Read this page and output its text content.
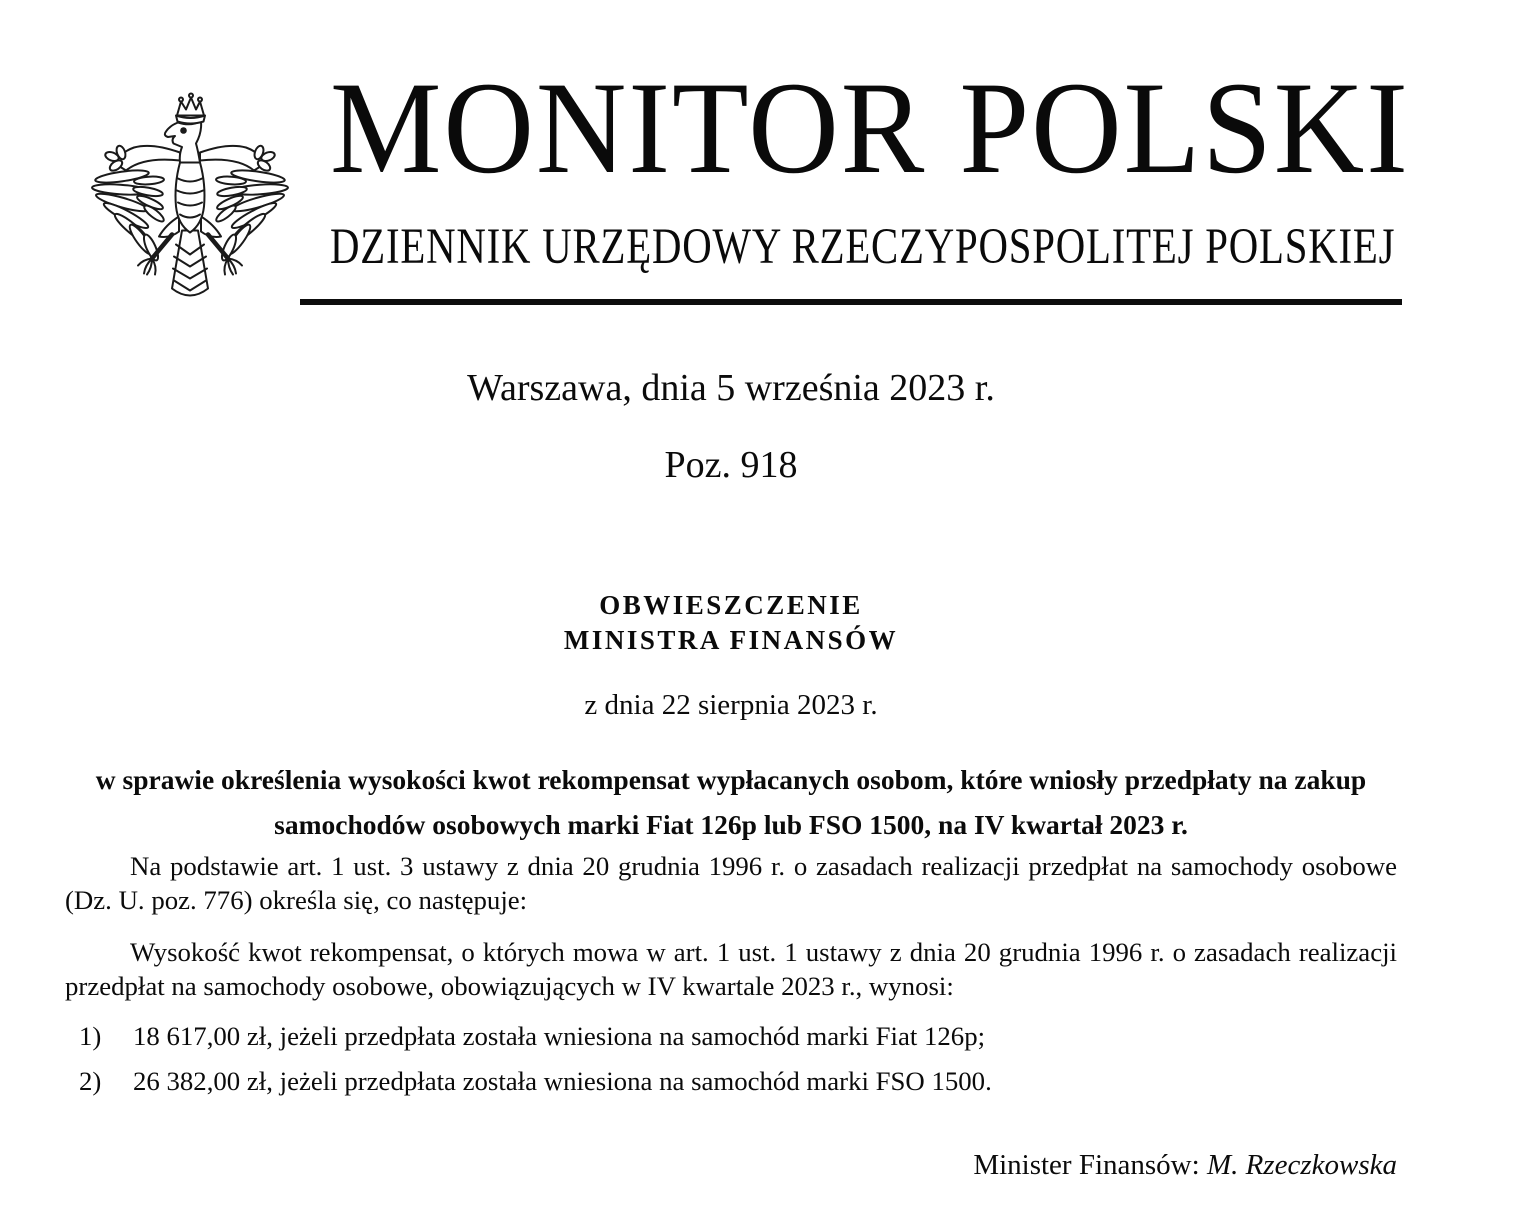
MONITOR POLSKI
DZIENNIK URZĘDOWY RZECZYPOSPOLITEJ POLSKIEJ
Warszawa, dnia 5 września 2023 r.
Poz. 918
OBWIESZCZENIE
MINISTRA FINANSÓW
z dnia 22 sierpnia 2023 r.
w sprawie określenia wysokości kwot rekompensat wypłacanych osobom, które wniosły przedpłaty na zakup
samochodów osobowych marki Fiat 126p lub FSO 1500, na IV kwartał 2023 r.

Na podstawie art. 1 ust. 3 ustawy z dnia 20 grudnia 1996 r. o zasadach realizacji przedpłat na samochody osobowe
(Dz. U. poz. 776) określa się, co następuje:

Wysokość kwot rekompensat, o których mowa w art. 1 ust. 1 ustawy z dnia 20 grudnia 1996 r. o zasadach realizacji
przedpłat na samochody osobowe, obowiązujących w IV kwartale 2023 r., wynosi:

1) 18 617,00 zł, jeżeli przedpłata została wniesiona na samochód marki Fiat 126p;
2) 26 382,00 zł, jeżeli przedpłata została wniesiona na samochód marki FSO 1500.
Minister Finansów: M. Rzeczkowska
